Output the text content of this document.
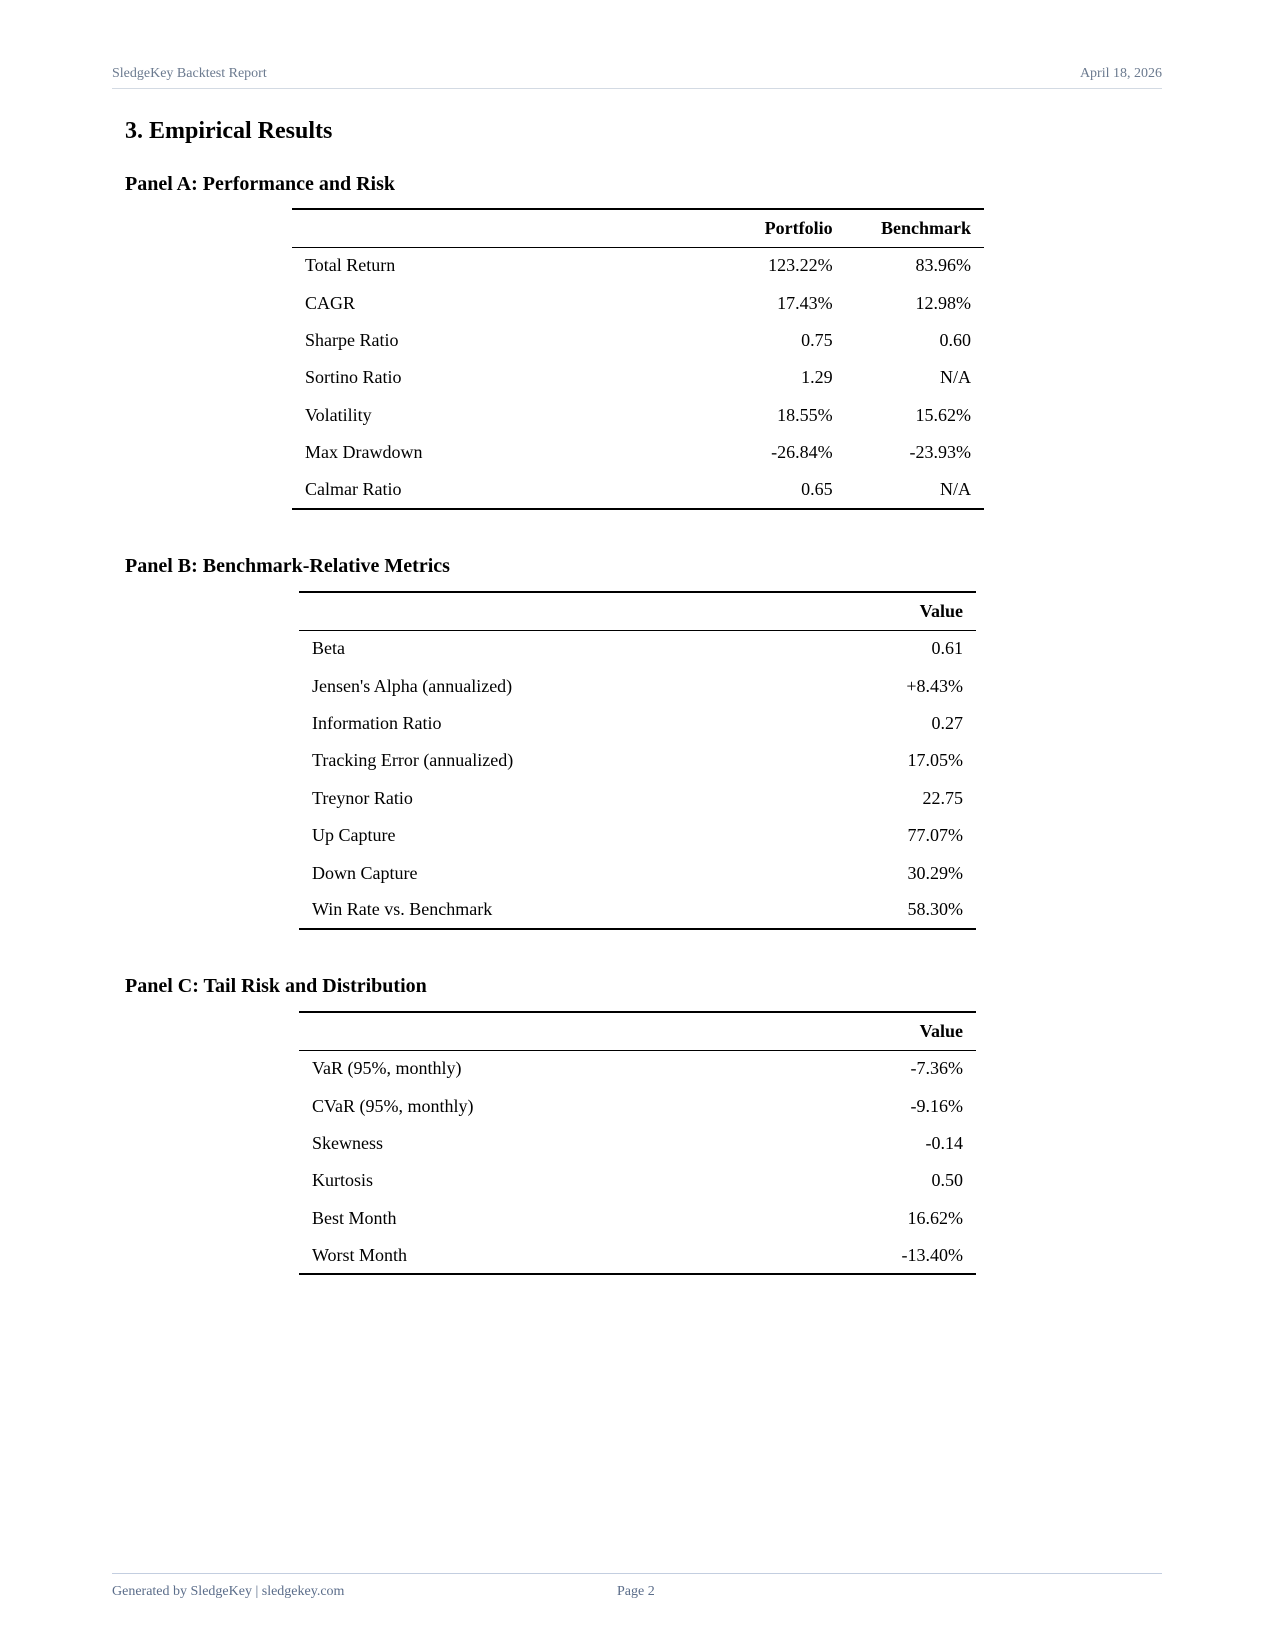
SledgeKey Backtest Report	April 18, 2026
3. Empirical Results
Panel A: Performance and Risk
	Portfolio	Benchmark
Total Return	123.22%	83.96%
CAGR	17.43%	12.98%
Sharpe Ratio	0.75	0.60
Sortino Ratio	1.29	N/A
Volatility	18.55%	15.62%
Max Drawdown	-26.84%	-23.93%
Calmar Ratio	0.65	N/A
Panel B: Benchmark-Relative Metrics
	Value
Beta	0.61
Jensen's Alpha (annualized)	+8.43%
Information Ratio	0.27
Tracking Error (annualized)	17.05%
Treynor Ratio	22.75
Up Capture	77.07%
Down Capture	30.29%
Win Rate vs. Benchmark	58.30%
Panel C: Tail Risk and Distribution
	Value
VaR (95%, monthly)	-7.36%
CVaR (95%, monthly)	-9.16%
Skewness	-0.14
Kurtosis	0.50
Best Month	16.62%
Worst Month	-13.40%
Generated by SledgeKey | sledgekey.com	Page 2
